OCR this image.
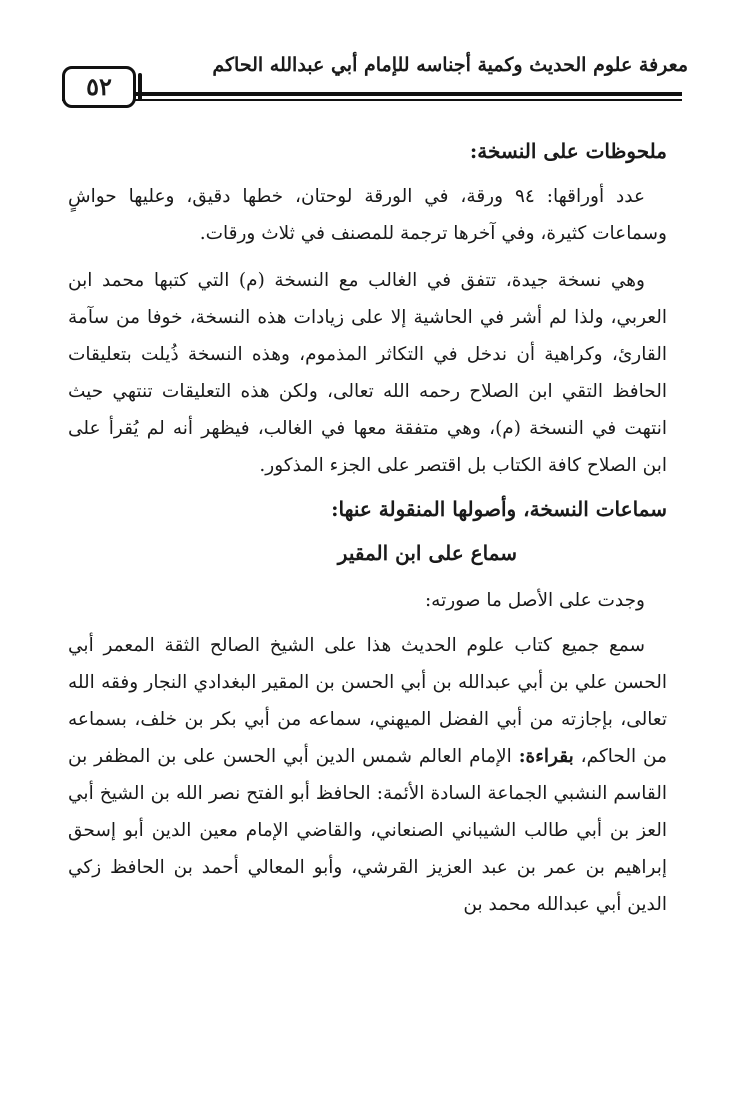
معرفة علوم الحديث وكمية أجناسه للإمام أبي عبدالله الحاكم
٥٢
ملحوظات على النسخة:

عدد أوراقها: ٩٤ ورقة، في الورقة لوحتان، خطها دقيق، وعليها حواشٍ وسماعات كثيرة، وفي آخرها ترجمة للمصنف في ثلاث ورقات.

وهي نسخة جيدة، تتفق في الغالب مع النسخة (م) التي كتبها محمد ابن العربي، ولذا لم أشر في الحاشية إلا على زيادات هذه النسخة، خوفا من سآمة القارئ، وكراهية أن ندخل في التكاثر المذموم، وهذه النسخة ذُيلت بتعليقات الحافظ التقي ابن الصلاح رحمه الله تعالى، ولكن هذه التعليقات تنتهي حيث انتهت في النسخة (م)، وهي متفقة معها في الغالب، فيظهر أنه لم يُقرأ على ابن الصلاح كافة الكتاب بل اقتصر على الجزء المذكور.

سماعات النسخة، وأصولها المنقولة عنها:
سماع على ابن المقير

وجدت على الأصل ما صورته:

سمع جميع كتاب علوم الحديث هذا على الشيخ الصالح الثقة المعمر أبي الحسن علي بن أبي عبدالله بن أبي الحسن بن المقير البغدادي النجار وفقه الله تعالى، بإجازته من أبي الفضل الميهني، سماعه من أبي بكر بن خلف، بسماعه من الحاكم، بقراءة: الإمام العالم شمس الدين أبي الحسن على بن المظفر بن القاسم النشبي الجماعة السادة الأئمة: الحافظ أبو الفتح نصر الله بن الشيخ أبي العز بن أبي طالب الشيباني الصنعاني، والقاضي الإمام معين الدين أبو إسحق إبراهيم بن عمر بن عبد العزيز القرشي، وأبو المعالي أحمد بن الحافظ زكي الدين أبي عبدالله محمد بن
